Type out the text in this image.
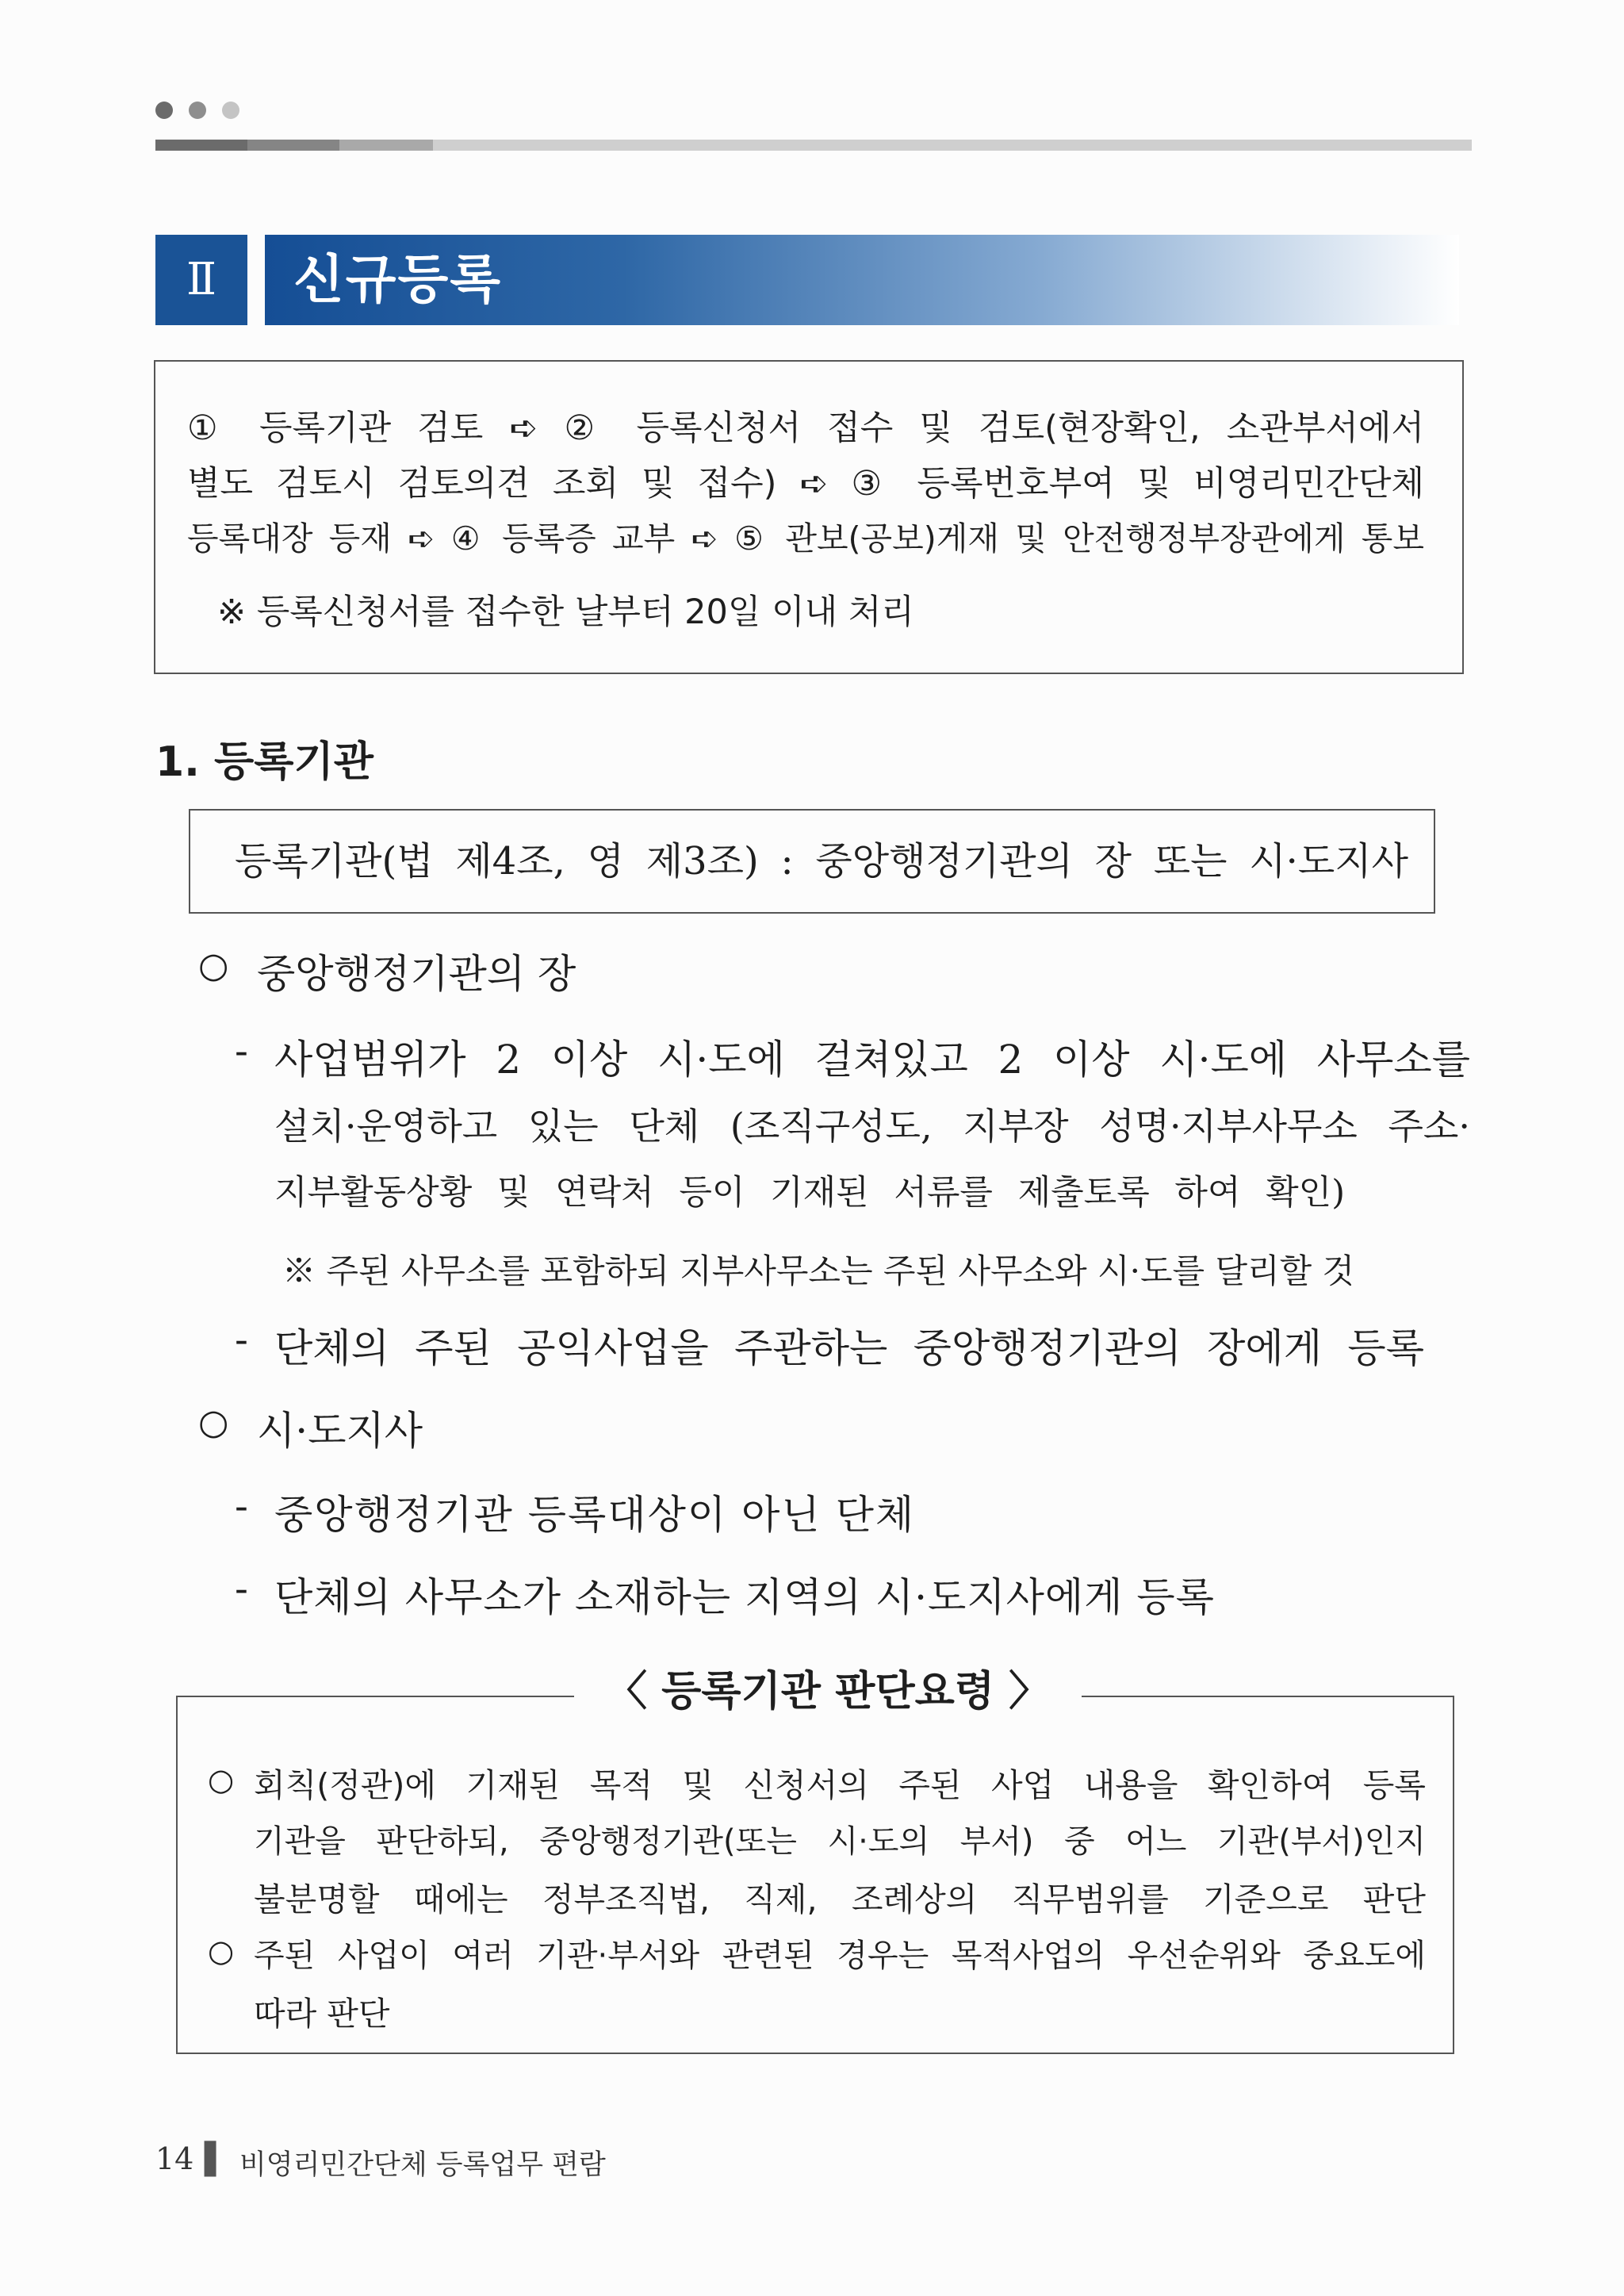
Ⅱ	신규등록
① 등록기관 검토 ➪ ② 등록신청서 접수 및 검토(현장확인, 소관부서에서
별도 검토시 검토의견 조회 및 접수) ➪ ③ 등록번호부여 및 비영리민간단체
등록대장 등재 ➪ ④ 등록증 교부 ➪ ⑤ 관보(공보)게재 및 안전행정부장관에게 통보
※ 등록신청서를 접수한 날부터 20일 이내 처리
1. 등록기관
등록기관(법 제4조, 영 제3조) : 중앙행정기관의 장 또는 시·도지사
○ 중앙행정기관의 장
- 사업범위가 2 이상 시·도에 걸쳐있고 2 이상 시·도에 사무소를
설치·운영하고 있는 단체 (조직구성도, 지부장 성명·지부사무소 주소·
지부활동상황 및 연락처 등이 기재된 서류를 제출토록 하여 확인)
※ 주된 사무소를 포함하되 지부사무소는 주된 사무소와 시·도를 달리할 것
- 단체의 주된 공익사업을 주관하는 중앙행정기관의 장에게 등록
○ 시·도지사
- 중앙행정기관 등록대상이 아닌 단체
- 단체의 사무소가 소재하는 지역의 시·도지사에게 등록
〈 등록기관 판단요령 〉
○ 회칙(정관)에 기재된 목적 및 신청서의 주된 사업 내용을 확인하여 등록
기관을 판단하되, 중앙행정기관(또는 시·도의 부서) 중 어느 기관(부서)인지
불분명할 때에는 정부조직법, 직제, 조례상의 직무범위를 기준으로 판단
○ 주된 사업이 여러 기관·부서와 관련된 경우는 목적사업의 우선순위와 중요도에
따라 판단
14 ▌ 비영리민간단체 등록업무 편람
